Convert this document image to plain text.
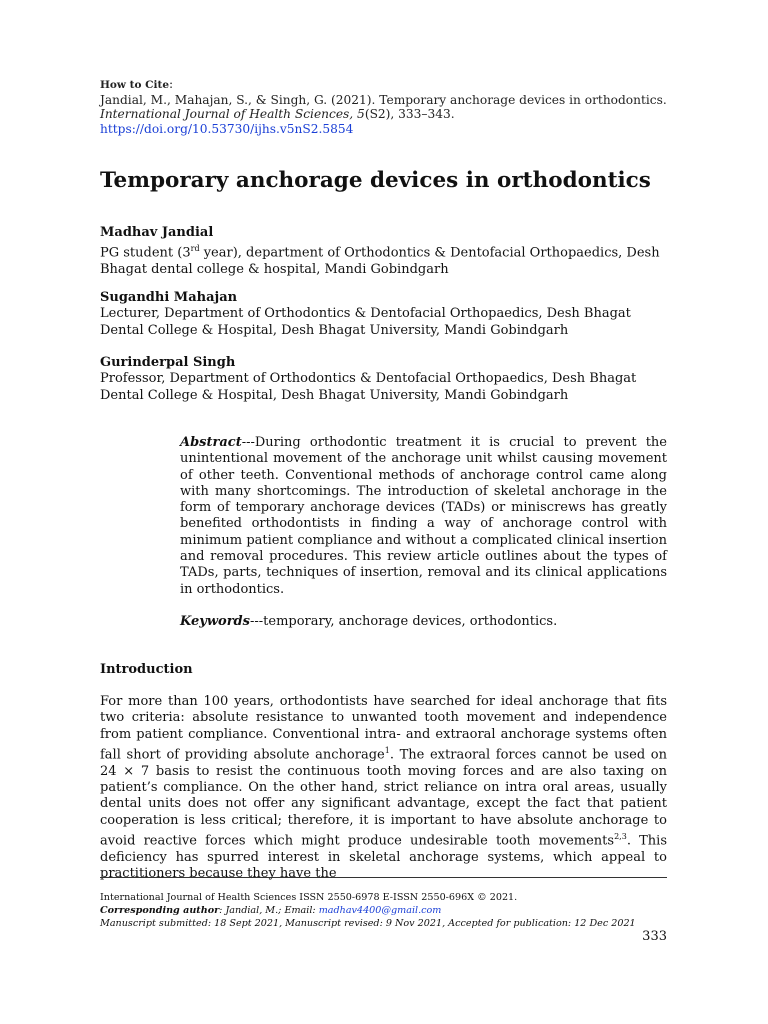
How to Cite:
Jandial, M., Mahajan, S., & Singh, G. (2021). Temporary anchorage devices in orthodontics. International Journal of Health Sciences, 5(S2), 333–343.
https://doi.org/10.53730/ijhs.v5nS2.5854
Temporary anchorage devices in orthodontics
Madhav Jandial
PG student (3rd year), department of Orthodontics & Dentofacial Orthopaedics, Desh Bhagat dental college & hospital, Mandi Gobindgarh
Sugandhi Mahajan
Lecturer, Department of Orthodontics & Dentofacial Orthopaedics, Desh Bhagat Dental College & Hospital, Desh Bhagat University, Mandi Gobindgarh
Gurinderpal Singh
Professor, Department of Orthodontics & Dentofacial Orthopaedics, Desh Bhagat Dental College & Hospital, Desh Bhagat University, Mandi Gobindgarh
Abstract---During orthodontic treatment it is crucial to prevent the unintentional movement of the anchorage unit whilst causing movement of other teeth. Conventional methods of anchorage control came along with many shortcomings. The introduction of skeletal anchorage in the form of temporary anchorage devices (TADs) or miniscrews has greatly benefited orthodontists in finding a way of anchorage control with minimum patient compliance and without a complicated clinical insertion and removal procedures. This review article outlines about the types of TADs, parts, techniques of insertion, removal and its clinical applications in orthodontics.
Keywords---temporary, anchorage devices, orthodontics.
Introduction
For more than 100 years, orthodontists have searched for ideal anchorage that fits two criteria: absolute resistance to unwanted tooth movement and independence from patient compliance. Conventional intra- and extraoral anchorage systems often fall short of providing absolute anchorage$^1$. The extraoral forces cannot be used on 24 × 7 basis to resist the continuous tooth moving forces and are also taxing on patient’s compliance. On the other hand, strict reliance on intra oral areas, usually dental units does not offer any significant advantage, except the fact that patient cooperation is less critical; therefore, it is important to have absolute anchorage to avoid reactive forces which might produce undesirable tooth movements$^{2,3}$. This deficiency has spurred interest in skeletal anchorage systems, which appeal to practitioners because they have the
International Journal of Health Sciences ISSN 2550-6978 E-ISSN 2550-696X © 2021.
Corresponding author: Jandial, M.; Email: madhav4400@gmail.com
Manuscript submitted: 18 Sept 2021, Manuscript revised: 9 Nov 2021, Accepted for publication: 12 Dec 2021
333
